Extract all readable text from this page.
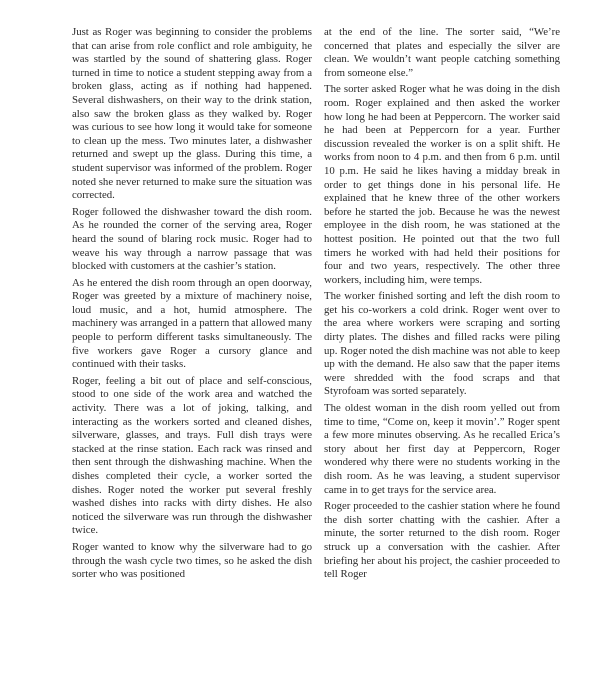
Just as Roger was beginning to consider the problems that can arise from role conflict and role ambiguity, he was startled by the sound of shattering glass. Roger turned in time to notice a student stepping away from a broken glass, acting as if nothing had happened. Several dishwashers, on their way to the drink station, also saw the broken glass as they walked by. Roger was curious to see how long it would take for someone to clean up the mess. Two minutes later, a dishwasher returned and swept up the glass. During this time, a student supervisor was informed of the problem. Roger noted she never returned to make sure the situation was corrected.

Roger followed the dishwasher toward the dish room. As he rounded the corner of the serving area, Roger heard the sound of blaring rock music. Roger had to weave his way through a narrow passage that was blocked with customers at the cashier’s station.

As he entered the dish room through an open doorway, Roger was greeted by a mixture of machinery noise, loud music, and a hot, humid atmosphere. The machinery was arranged in a pattern that allowed many people to perform different tasks simultaneously. The five workers gave Roger a cursory glance and continued with their tasks.

Roger, feeling a bit out of place and self-conscious, stood to one side of the work area and watched the activity. There was a lot of joking, talking, and interacting as the workers sorted and cleaned dishes, silverware, glasses, and trays. Full dish trays were stacked at the rinse station. Each rack was rinsed and then sent through the dishwashing machine. When the dishes completed their cycle, a worker sorted the dishes. Roger noted the worker put several freshly washed dishes into racks with dirty dishes. He also noticed the silverware was run through the dishwasher twice.

Roger wanted to know why the silverware had to go through the wash cycle two times, so he asked the dish sorter who was positioned

at the end of the line. The sorter said, “We’re concerned that plates and especially the silver are clean. We wouldn’t want people catching something from someone else.”

The sorter asked Roger what he was doing in the dish room. Roger explained and then asked the worker how long he had been at Peppercorn. The worker said he had been at Peppercorn for a year. Further discussion revealed the worker is on a split shift. He works from noon to 4 p.m. and then from 6 p.m. until 10 p.m. He said he likes having a midday break in order to get things done in his personal life. He explained that he knew three of the other workers before he started the job. Because he was the newest employee in the dish room, he was stationed at the hottest position. He pointed out that the two full timers he worked with had held their positions for four and two years, respectively. The other three workers, including him, were temps.

The worker finished sorting and left the dish room to get his co-workers a cold drink. Roger went over to the area where workers were scraping and sorting dirty plates. The dishes and filled racks were piling up. Roger noted the dish machine was not able to keep up with the demand. He also saw that the paper items were shredded with the food scraps and that Styrofoam was sorted separately.

The oldest woman in the dish room yelled out from time to time, “Come on, keep it movin’.” Roger spent a few more minutes observing. As he recalled Erica’s story about her first day at Peppercorn, Roger wondered why there were no students working in the dish room. As he was leaving, a student supervisor came in to get trays for the service area.

Roger proceeded to the cashier station where he found the dish sorter chatting with the cashier. After a minute, the sorter returned to the dish room. Roger struck up a conversation with the cashier. After briefing her about his project, the cashier proceeded to tell Roger
